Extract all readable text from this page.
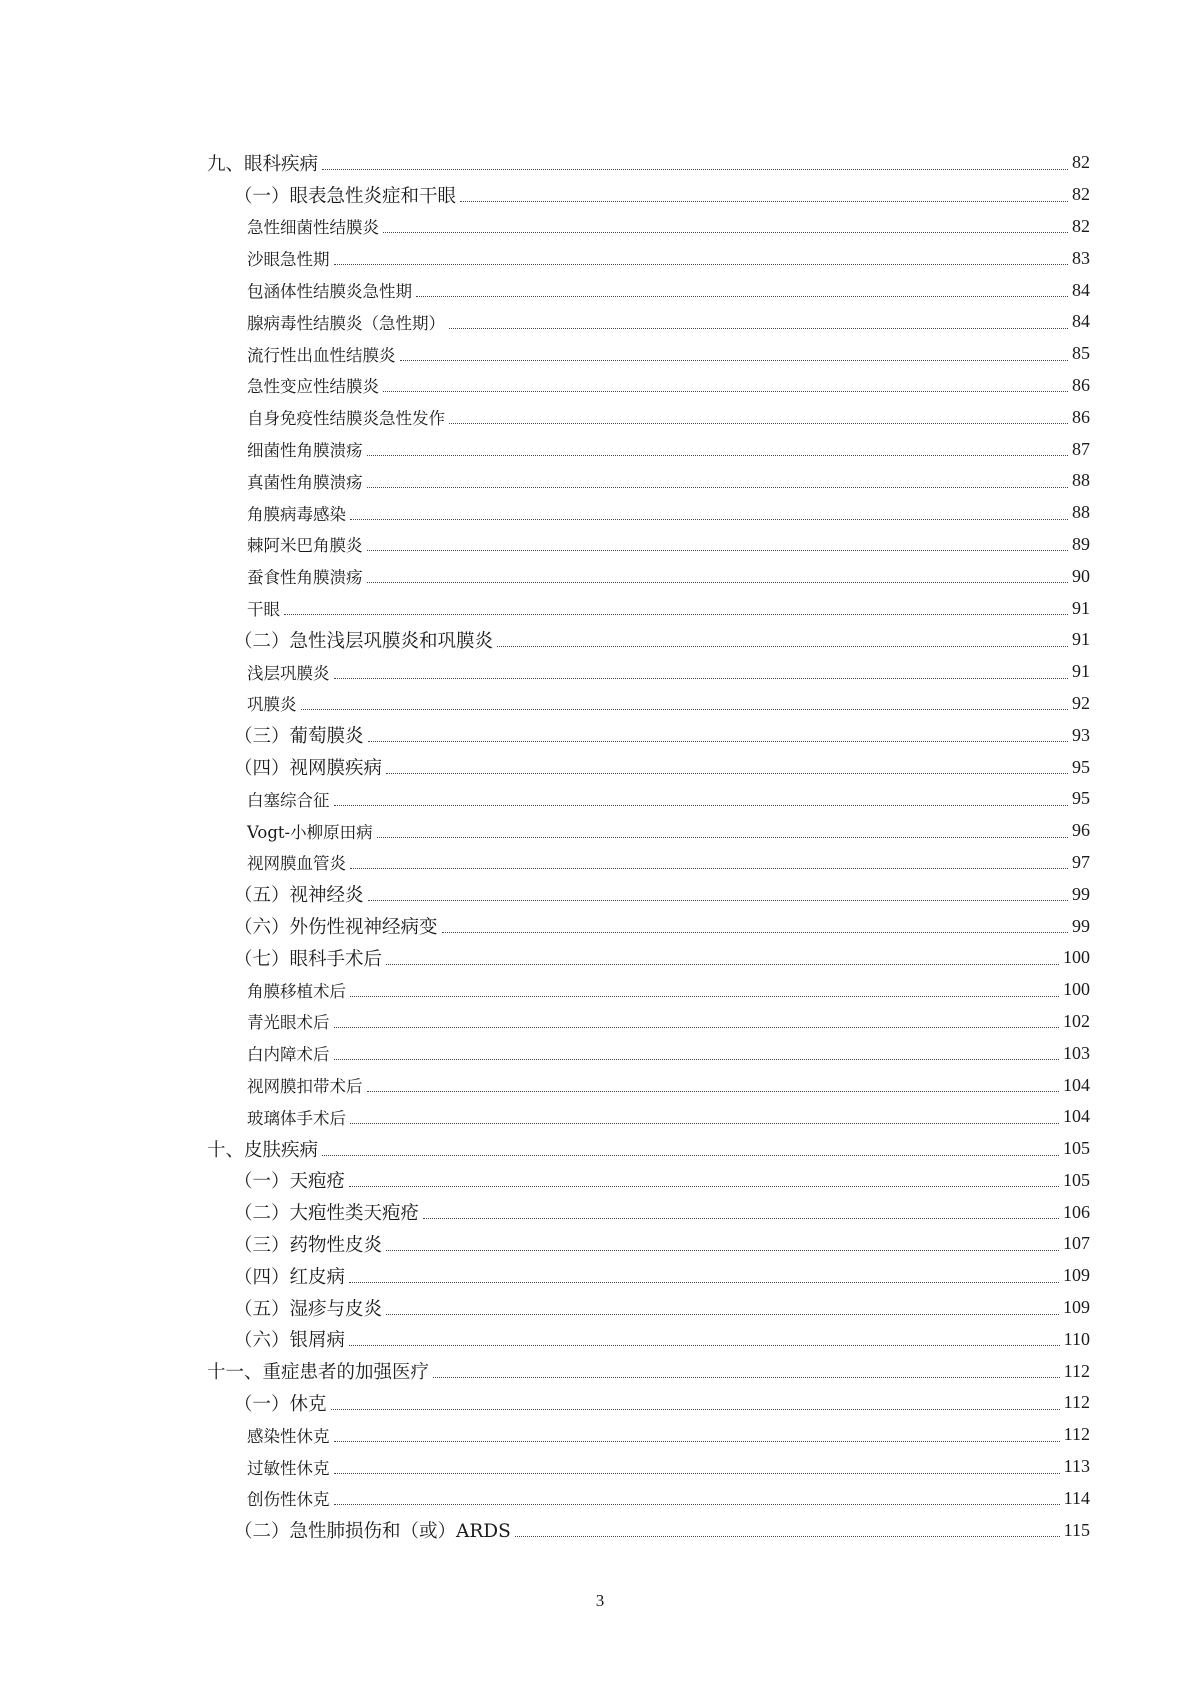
九、眼科疾病	82
（一）眼表急性炎症和干眼	82
急性细菌性结膜炎	82
沙眼急性期	83
包涵体性结膜炎急性期	84
腺病毒性结膜炎（急性期）	84
流行性出血性结膜炎	85
急性变应性结膜炎	86
自身免疫性结膜炎急性发作	86
细菌性角膜溃疡	87
真菌性角膜溃疡	88
角膜病毒感染	88
棘阿米巴角膜炎	89
蚕食性角膜溃疡	90
干眼	91
（二）急性浅层巩膜炎和巩膜炎	91
浅层巩膜炎	91
巩膜炎	92
（三）葡萄膜炎	93
（四）视网膜疾病	95
白塞综合征	95
Vogt-小柳原田病	96
视网膜血管炎	97
（五）视神经炎	99
（六）外伤性视神经病变	99
（七）眼科手术后	100
角膜移植术后	100
青光眼术后	102
白内障术后	103
视网膜扣带术后	104
玻璃体手术后	104
十、皮肤疾病	105
（一）天疱疮	105
（二）大疱性类天疱疮	106
（三）药物性皮炎	107
（四）红皮病	109
（五）湿疹与皮炎	109
（六）银屑病	110
十一、重症患者的加强医疗	112
（一）休克	112
感染性休克	112
过敏性休克	113
创伤性休克	114
（二）急性肺损伤和（或）ARDS	115
3
